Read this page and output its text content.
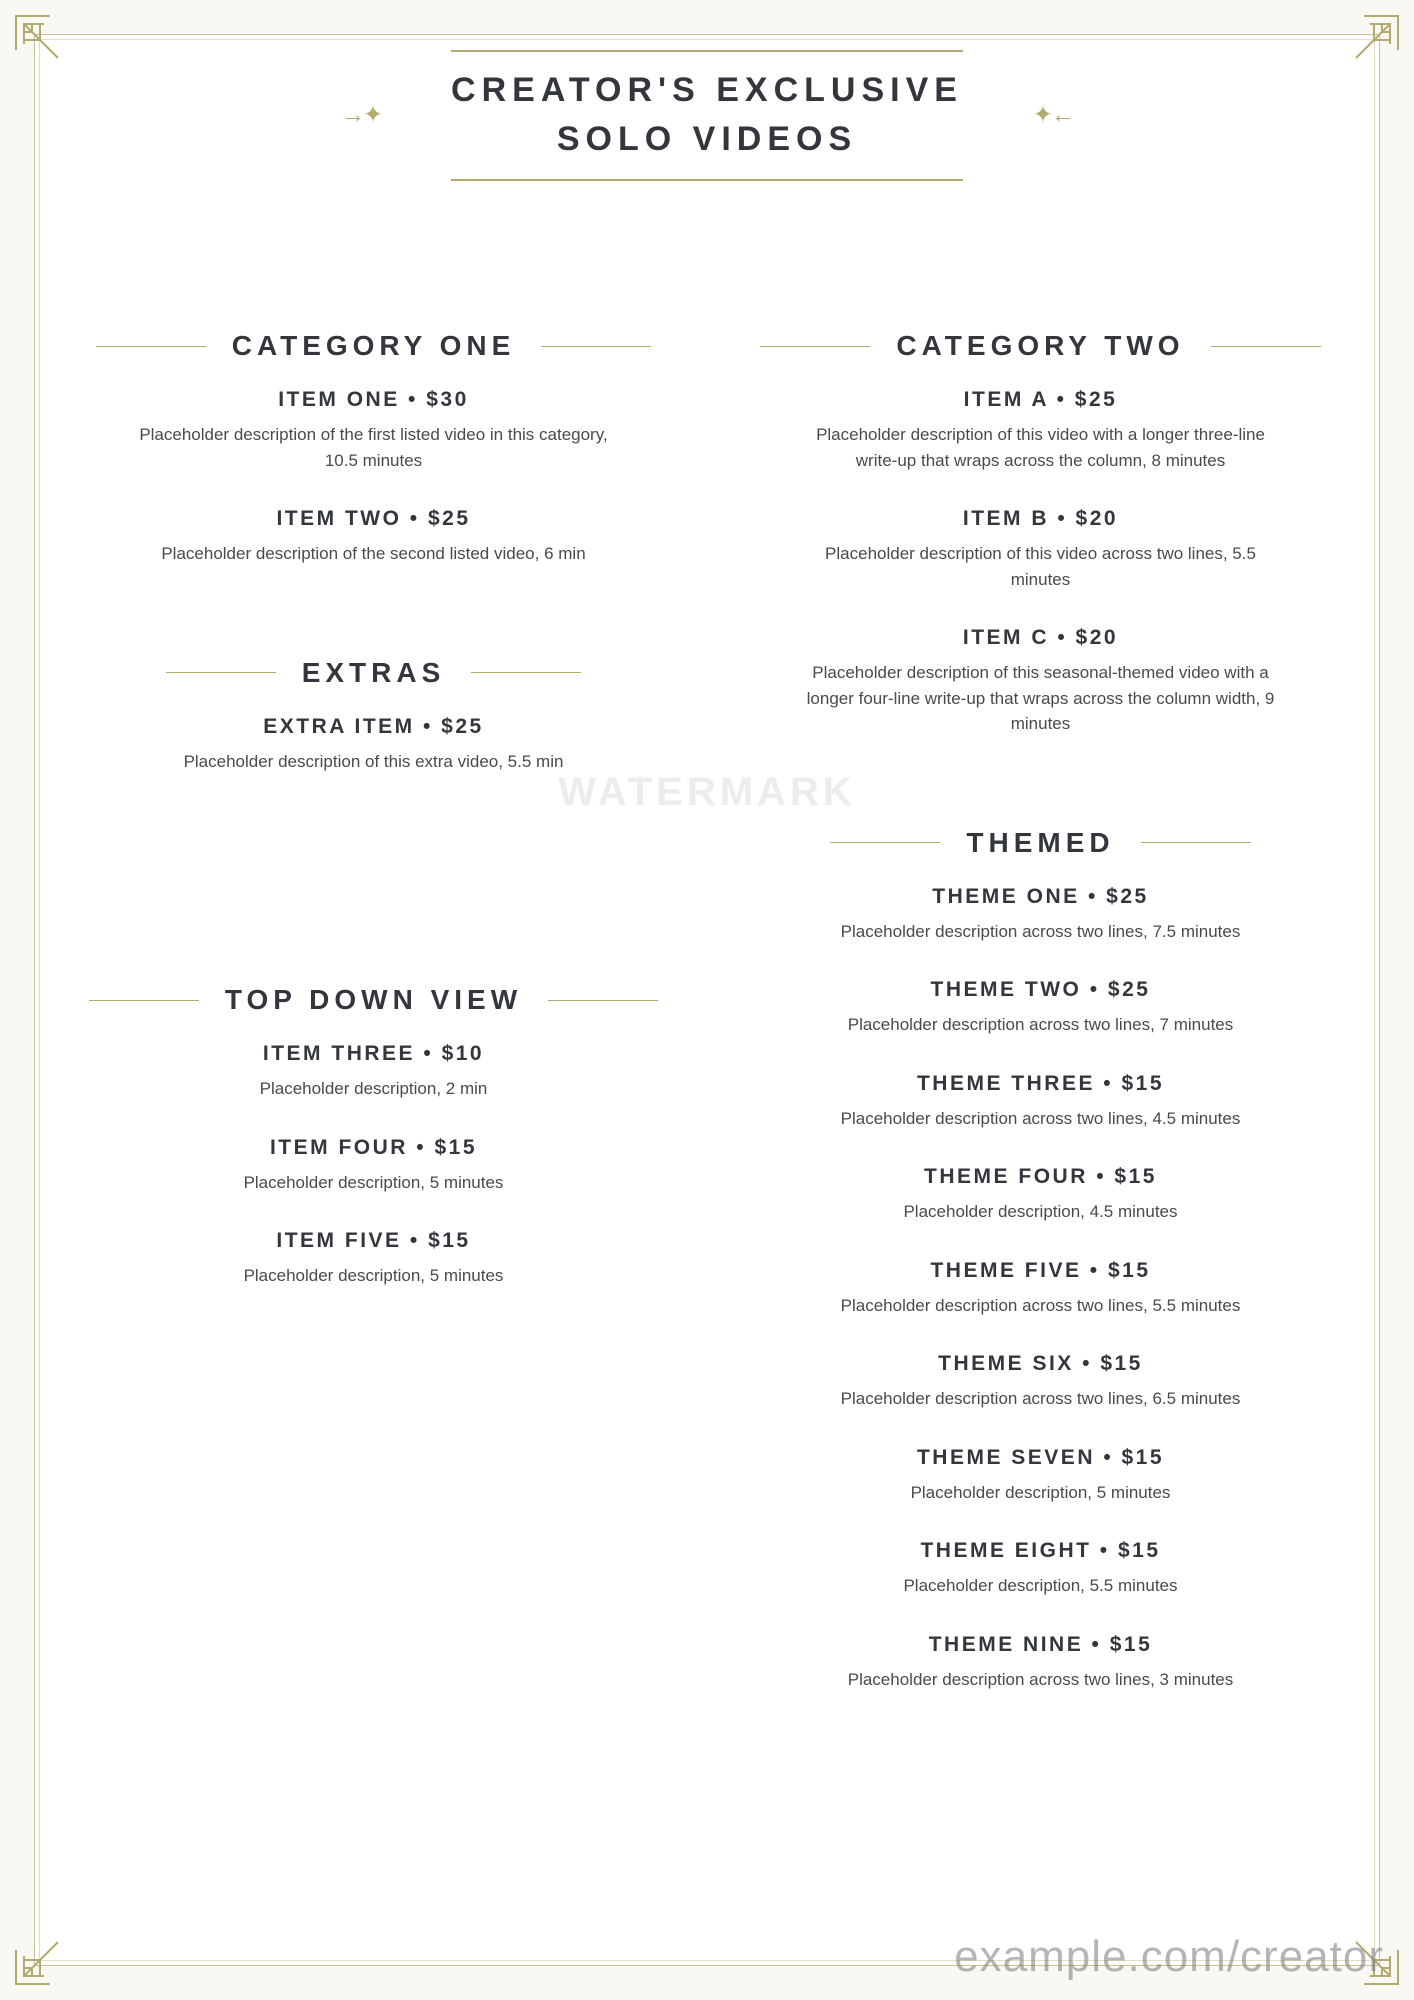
→✦
CREATOR'S EXCLUSIVE
SOLO VIDEOS
✦←
WATERMARK
CATEGORY ONE
ITEM ONE • $30
Placeholder description of the first listed video in this category, 10.5 minutes
ITEM TWO • $25
Placeholder description of the second listed video, 6 min
EXTRAS
EXTRA ITEM • $25
Placeholder description of this extra video, 5.5 min
TOP DOWN VIEW
ITEM THREE • $10
Placeholder description, 2 min
ITEM FOUR • $15
Placeholder description, 5 minutes
ITEM FIVE • $15
Placeholder description, 5 minutes
CATEGORY TWO
ITEM A • $25
Placeholder description of this video with a longer three-line write-up that wraps across the column, 8 minutes
ITEM B • $20
Placeholder description of this video across two lines, 5.5 minutes
ITEM C • $20
Placeholder description of this seasonal-themed video with a longer four-line write-up that wraps across the column width, 9 minutes
THEMED
THEME ONE • $25
Placeholder description across two lines, 7.5 minutes
THEME TWO • $25
Placeholder description across two lines, 7 minutes
THEME THREE • $15
Placeholder description across two lines, 4.5 minutes
THEME FOUR • $15
Placeholder description, 4.5 minutes
THEME FIVE • $15
Placeholder description across two lines, 5.5 minutes
THEME SIX • $15
Placeholder description across two lines, 6.5 minutes
THEME SEVEN • $15
Placeholder description, 5 minutes
THEME EIGHT • $15
Placeholder description, 5.5 minutes
THEME NINE • $15
Placeholder description across two lines, 3 minutes
example.com/creator
